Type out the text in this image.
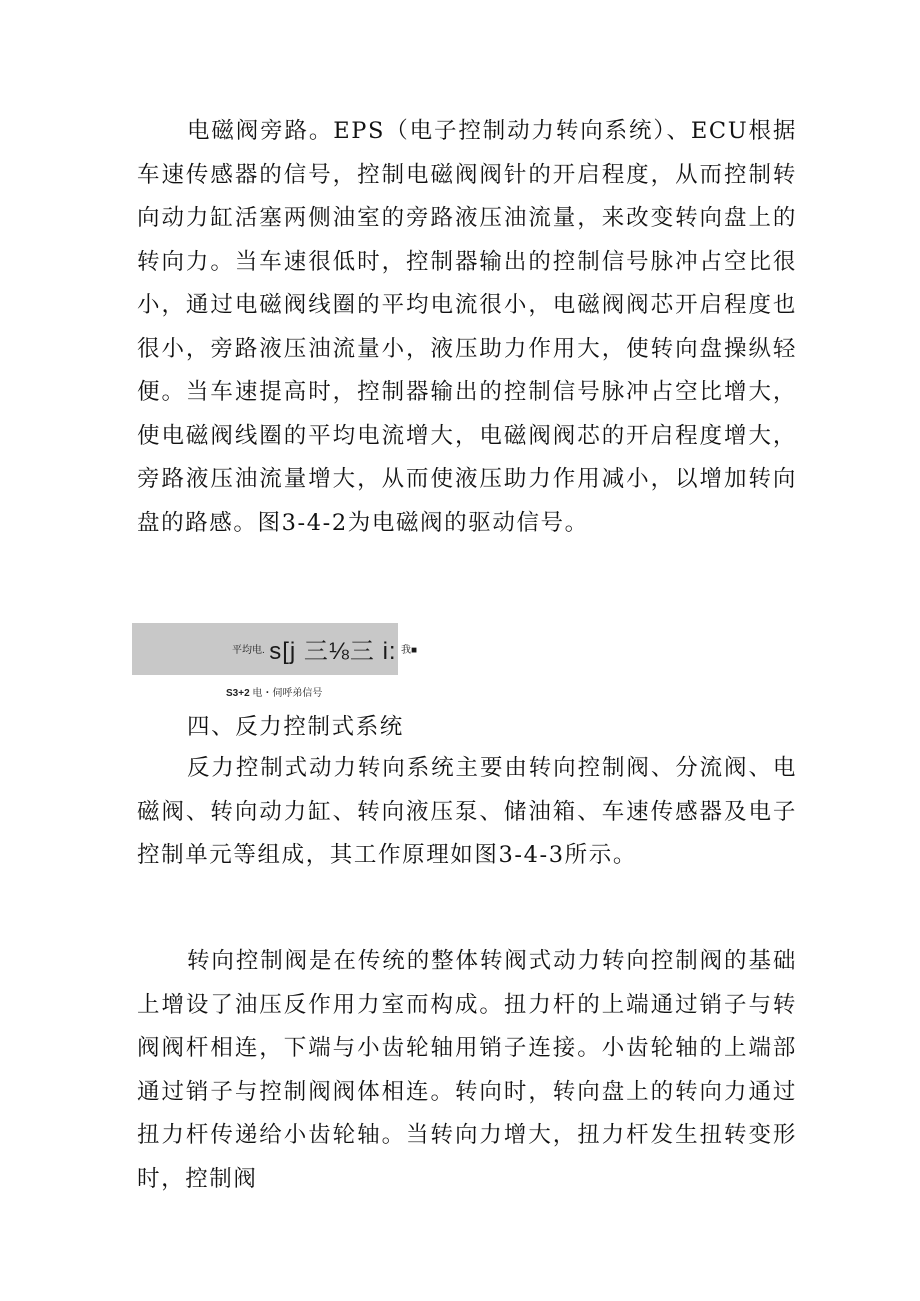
电磁阀旁路。EPS（电子控制动力转向系统）、ECU根据车速传感器的信号，控制电磁阀阀针的开启程度，从而控制转向动力缸活塞两侧油室的旁路液压油流量，来改变转向盘上的转向力。当车速很低时，控制器输出的控制信号脉冲占空比很小，通过电磁阀线圈的平均电流很小，电磁阀阀芯开启程度也很小，旁路液压油流量小，液压助力作用大，使转向盘操纵轻便。当车速提高时，控制器输出的控制信号脉冲占空比增大，使电磁阀线圈的平均电流增大，电磁阀阀芯的开启程度增大，旁路液压油流量增大，从而使液压助力作用减小，以增加转向盘的路感。图3-4-2为电磁阀的驱动信号。

平均电. s[j 三⅛三 i: 我■
S3+2 电・伺呼弟信号
四、反力控制式系统

反力控制式动力转向系统主要由转向控制阀、分流阀、电磁阀、转向动力缸、转向液压泵、储油箱、车速传感器及电子控制单元等组成，其工作原理如图3-4-3所示。

转向控制阀是在传统的整体转阀式动力转向控制阀的基础上增设了油压反作用力室而构成。扭力杆的上端通过销子与转阀阀杆相连，下端与小齿轮轴用销子连接。小齿轮轴的上端部通过销子与控制阀阀体相连。转向时，转向盘上的转向力通过扭力杆传递给小齿轮轴。当转向力增大，扭力杆发生扭转变形时，控制阀
